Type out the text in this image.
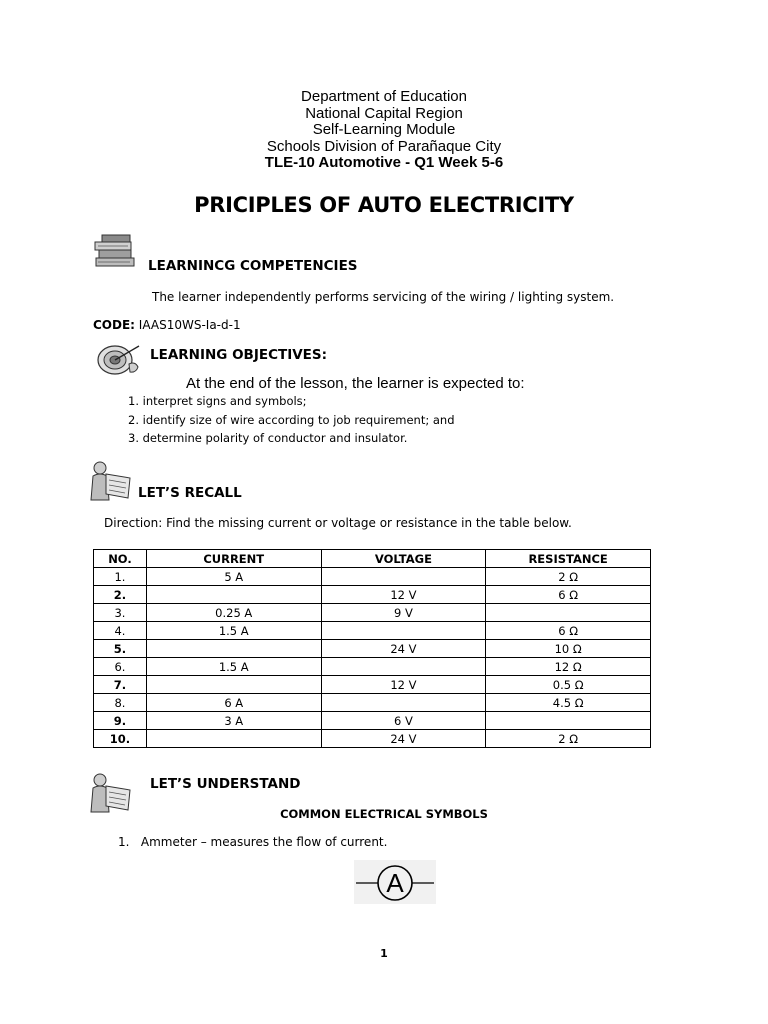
Department of Education
National Capital Region
Self-Learning Module
Schools Division of Parañaque City
TLE-10 Automotive - Q1 Week 5-6
PRICIPLES OF AUTO ELECTRICITY
LEARNINCG COMPETENCIES
The learner independently performs servicing of the wiring / lighting system.
CODE: IAAS10WS-Ia-d-1
LEARNING OBJECTIVES:
At the end of the lesson, the learner is expected to:
1. interpret signs and symbols;
2. identify size of wire according to job requirement; and
3. determine polarity of conductor and insulator.
LET’S RECALL
Direction: Find the missing current or voltage or resistance in the table below.
NO.	CURRENT	VOLTAGE	RESISTANCE
1.	5 A		2 Ω
2.		12 V	6 Ω
3.	0.25 A	9 V	
4.	1.5 A		6 Ω
5.		24 V	10 Ω
6.	1.5 A		12 Ω
7.		12 V	0.5 Ω
8.	6 A		4.5 Ω
9.	3 A	6 V	
10.		24 V	2 Ω
LET’S UNDERSTAND
COMMON ELECTRICAL SYMBOLS
1.   Ammeter – measures the flow of current.
A
1
